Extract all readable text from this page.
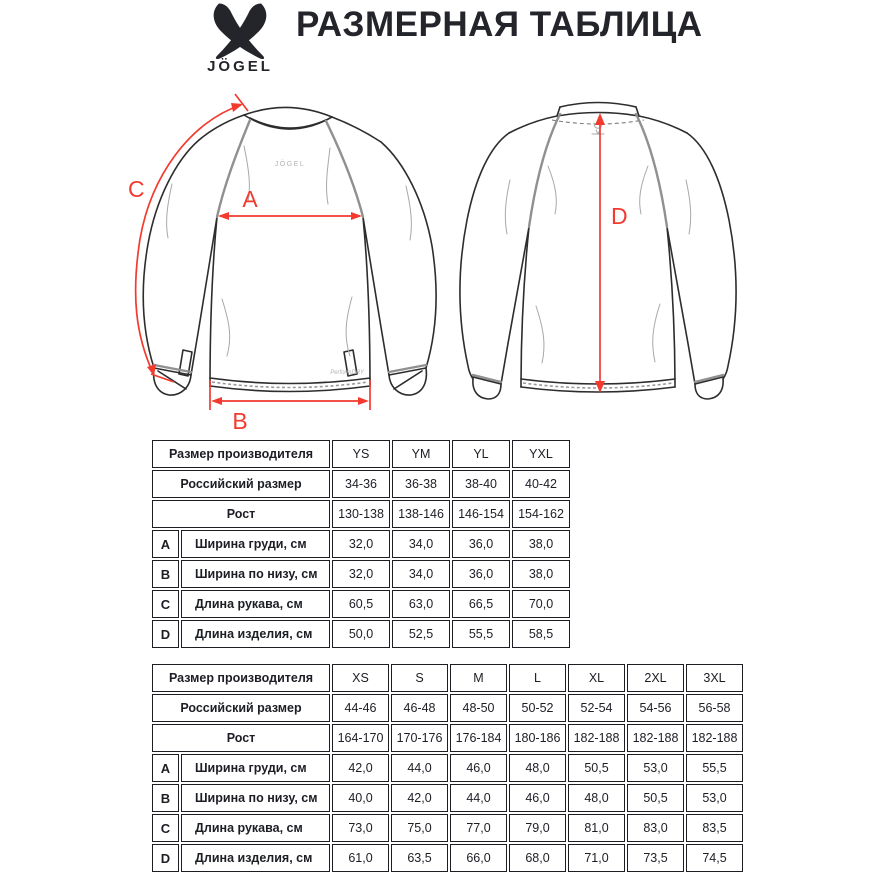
JÖGEL
РАЗМЕРНАЯ ТАБЛИЦА
JÖGEL
PerformDRY
A
B
C
D
Размер производителя	YS	YM	YL	YXL
Российский размер	34-36	36-38	38-40	40-42
Рост	130-138	138-146	146-154	154-162
A	Ширина груди, см	32,0	34,0	36,0	38,0
B	Ширина по низу, см	32,0	34,0	36,0	38,0
C	Длина рукава, см	60,5	63,0	66,5	70,0
D	Длина изделия, см	50,0	52,5	55,5	58,5
Размер производителя	XS	S	M	L	XL	2XL	3XL
Российский размер	44-46	46-48	48-50	50-52	52-54	54-56	56-58
Рост	164-170	170-176	176-184	180-186	182-188	182-188	182-188
A	Ширина груди, см	42,0	44,0	46,0	48,0	50,5	53,0	55,5
B	Ширина по низу, см	40,0	42,0	44,0	46,0	48,0	50,5	53,0
C	Длина рукава, см	73,0	75,0	77,0	79,0	81,0	83,0	83,5
D	Длина изделия, см	61,0	63,5	66,0	68,0	71,0	73,5	74,5
